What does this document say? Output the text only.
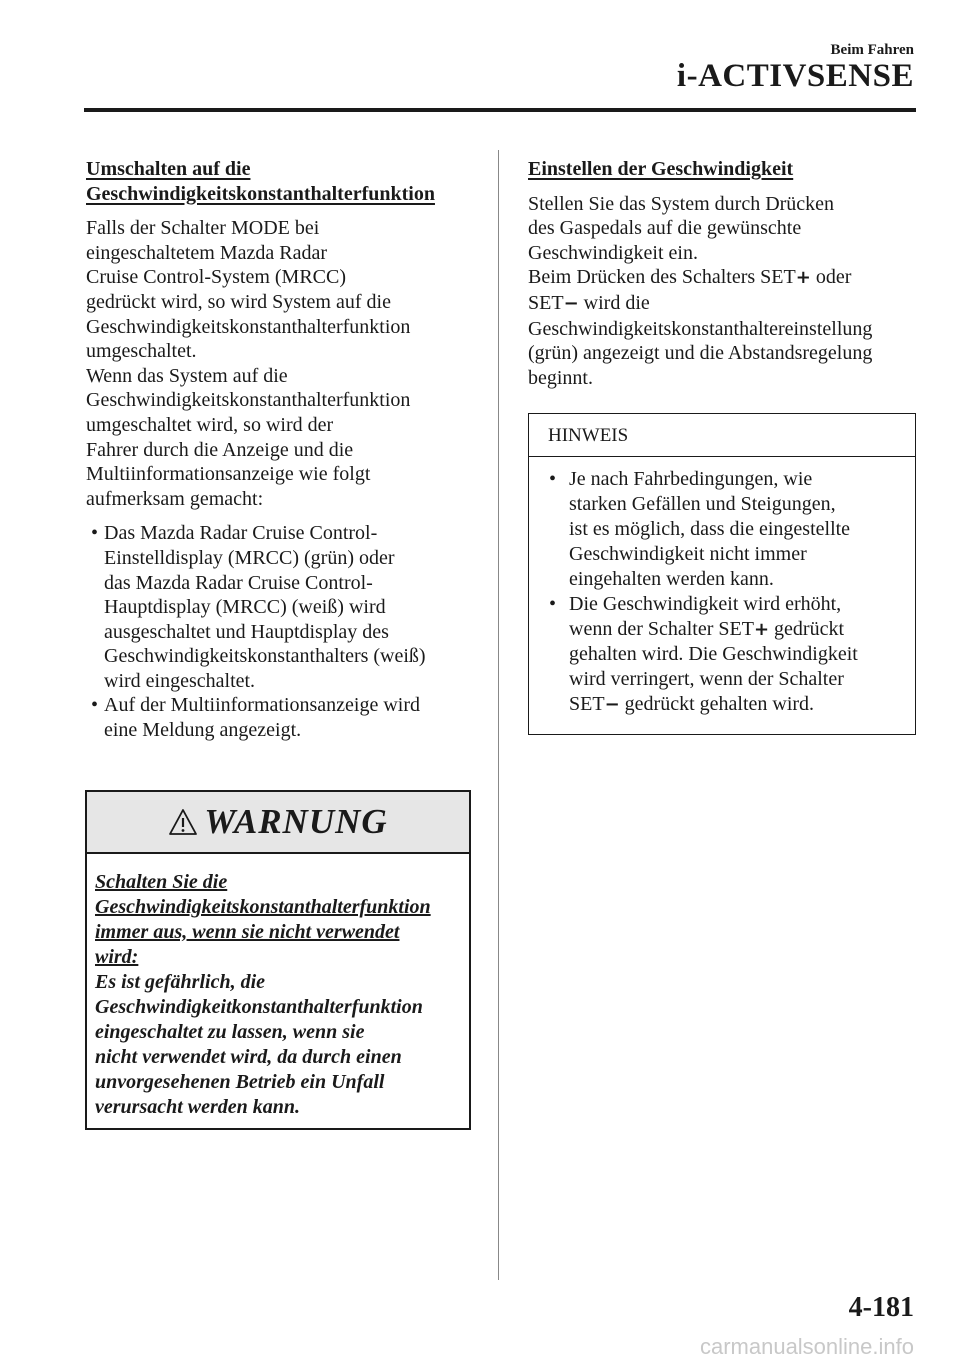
Beim Fahren
i-ACTIVSENSE
Umschalten auf die
Geschwindigkeitskonstanthalterfunktion
Falls der Schalter MODE bei
eingeschaltetem Mazda Radar
Cruise Control-System (MRCC)
gedrückt wird, so wird System auf die
Geschwindigkeitskonstanthalterfunktion
umgeschaltet.
Wenn das System auf die
Geschwindigkeitskonstanthalterfunktion
umgeschaltet wird, so wird der
Fahrer durch die Anzeige und die
Multiinformationsanzeige wie folgt
aufmerksam gemacht:
• Das Mazda Radar Cruise Control-
Einstelldisplay (MRCC) (grün) oder
das Mazda Radar Cruise Control-
Hauptdisplay (MRCC) (weiß) wird
ausgeschaltet und Hauptdisplay des
Geschwindigkeitskonstanthalters (weiß)
wird eingeschaltet.
• Auf der Multiinformationsanzeige wird
eine Meldung angezeigt.
WARNUNG
Schalten Sie die
Geschwindigkeitskonstanthalterfunktion
immer aus, wenn sie nicht verwendet
wird:
Es ist gefährlich, die
Geschwindigkeitkonstanthalterfunktion
eingeschaltet zu lassen, wenn sie
nicht verwendet wird, da durch einen
unvorgesehenen Betrieb ein Unfall
verursacht werden kann.
Einstellen der Geschwindigkeit
Stellen Sie das System durch Drücken
des Gaspedals auf die gewünschte
Geschwindigkeit ein.
Beim Drücken des Schalters SET+ oder
SET− wird die
Geschwindigkeitskonstanthaltereinstellung
(grün) angezeigt und die Abstandsregelung
beginnt.
HINWEIS
• Je nach Fahrbedingungen, wie
starken Gefällen und Steigungen,
ist es möglich, dass die eingestellte
Geschwindigkeit nicht immer
eingehalten werden kann.
• Die Geschwindigkeit wird erhöht,
wenn der Schalter SET+ gedrückt
gehalten wird. Die Geschwindigkeit
wird verringert, wenn der Schalter
SET− gedrückt gehalten wird.
4-181
carmanualsonline.info
